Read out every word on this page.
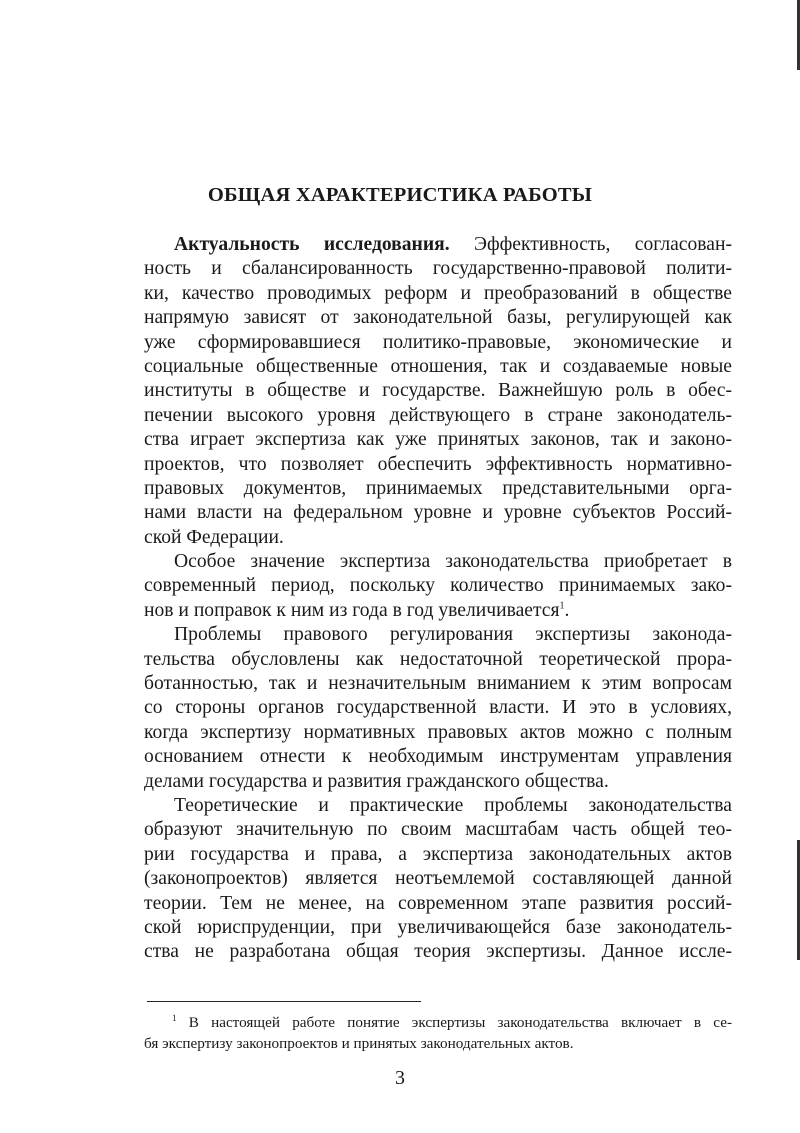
ОБЩАЯ ХАРАКТЕРИСТИКА РАБОТЫ
Актуальность исследования. Эффективность, согласован-
ность и сбалансированность государственно-правовой полити-
ки, качество проводимых реформ и преобразований в обществе
напрямую зависят от законодательной базы, регулирующей как
уже сформировавшиеся политико-правовые, экономические и
социальные общественные отношения, так и создаваемые новые
институты в обществе и государстве. Важнейшую роль в обес-
печении высокого уровня действующего в стране законодатель-
ства играет экспертиза как уже принятых законов, так и законо-
проектов, что позволяет обеспечить эффективность нормативно-
правовых документов, принимаемых представительными орга-
нами власти на федеральном уровне и уровне субъектов Россий-
ской Федерации.
Особое значение экспертиза законодательства приобретает в
современный период, поскольку количество принимаемых зако-
нов и поправок к ним из года в год увеличивается$^1$.
Проблемы правового регулирования экспертизы законода-
тельства обусловлены как недостаточной теоретической прора-
ботанностью, так и незначительным вниманием к этим вопросам
со стороны органов государственной власти. И это в условиях,
когда экспертизу нормативных правовых актов можно с полным
основанием отнести к необходимым инструментам управления
делами государства и развития гражданского общества.
Теоретические и практические проблемы законодательства
образуют значительную по своим масштабам часть общей тео-
рии государства и права, а экспертиза законодательных актов
(законопроектов) является неотъемлемой составляющей данной
теории. Тем не менее, на современном этапе развития россий-
ской юриспруденции, при увеличивающейся базе законодатель-
ства не разработана общая теория экспертизы. Данное иссле-
$^1$ В настоящей работе понятие экспертизы законодательства включает в се-
бя экспертизу законопроектов и принятых законодательных актов.
3
